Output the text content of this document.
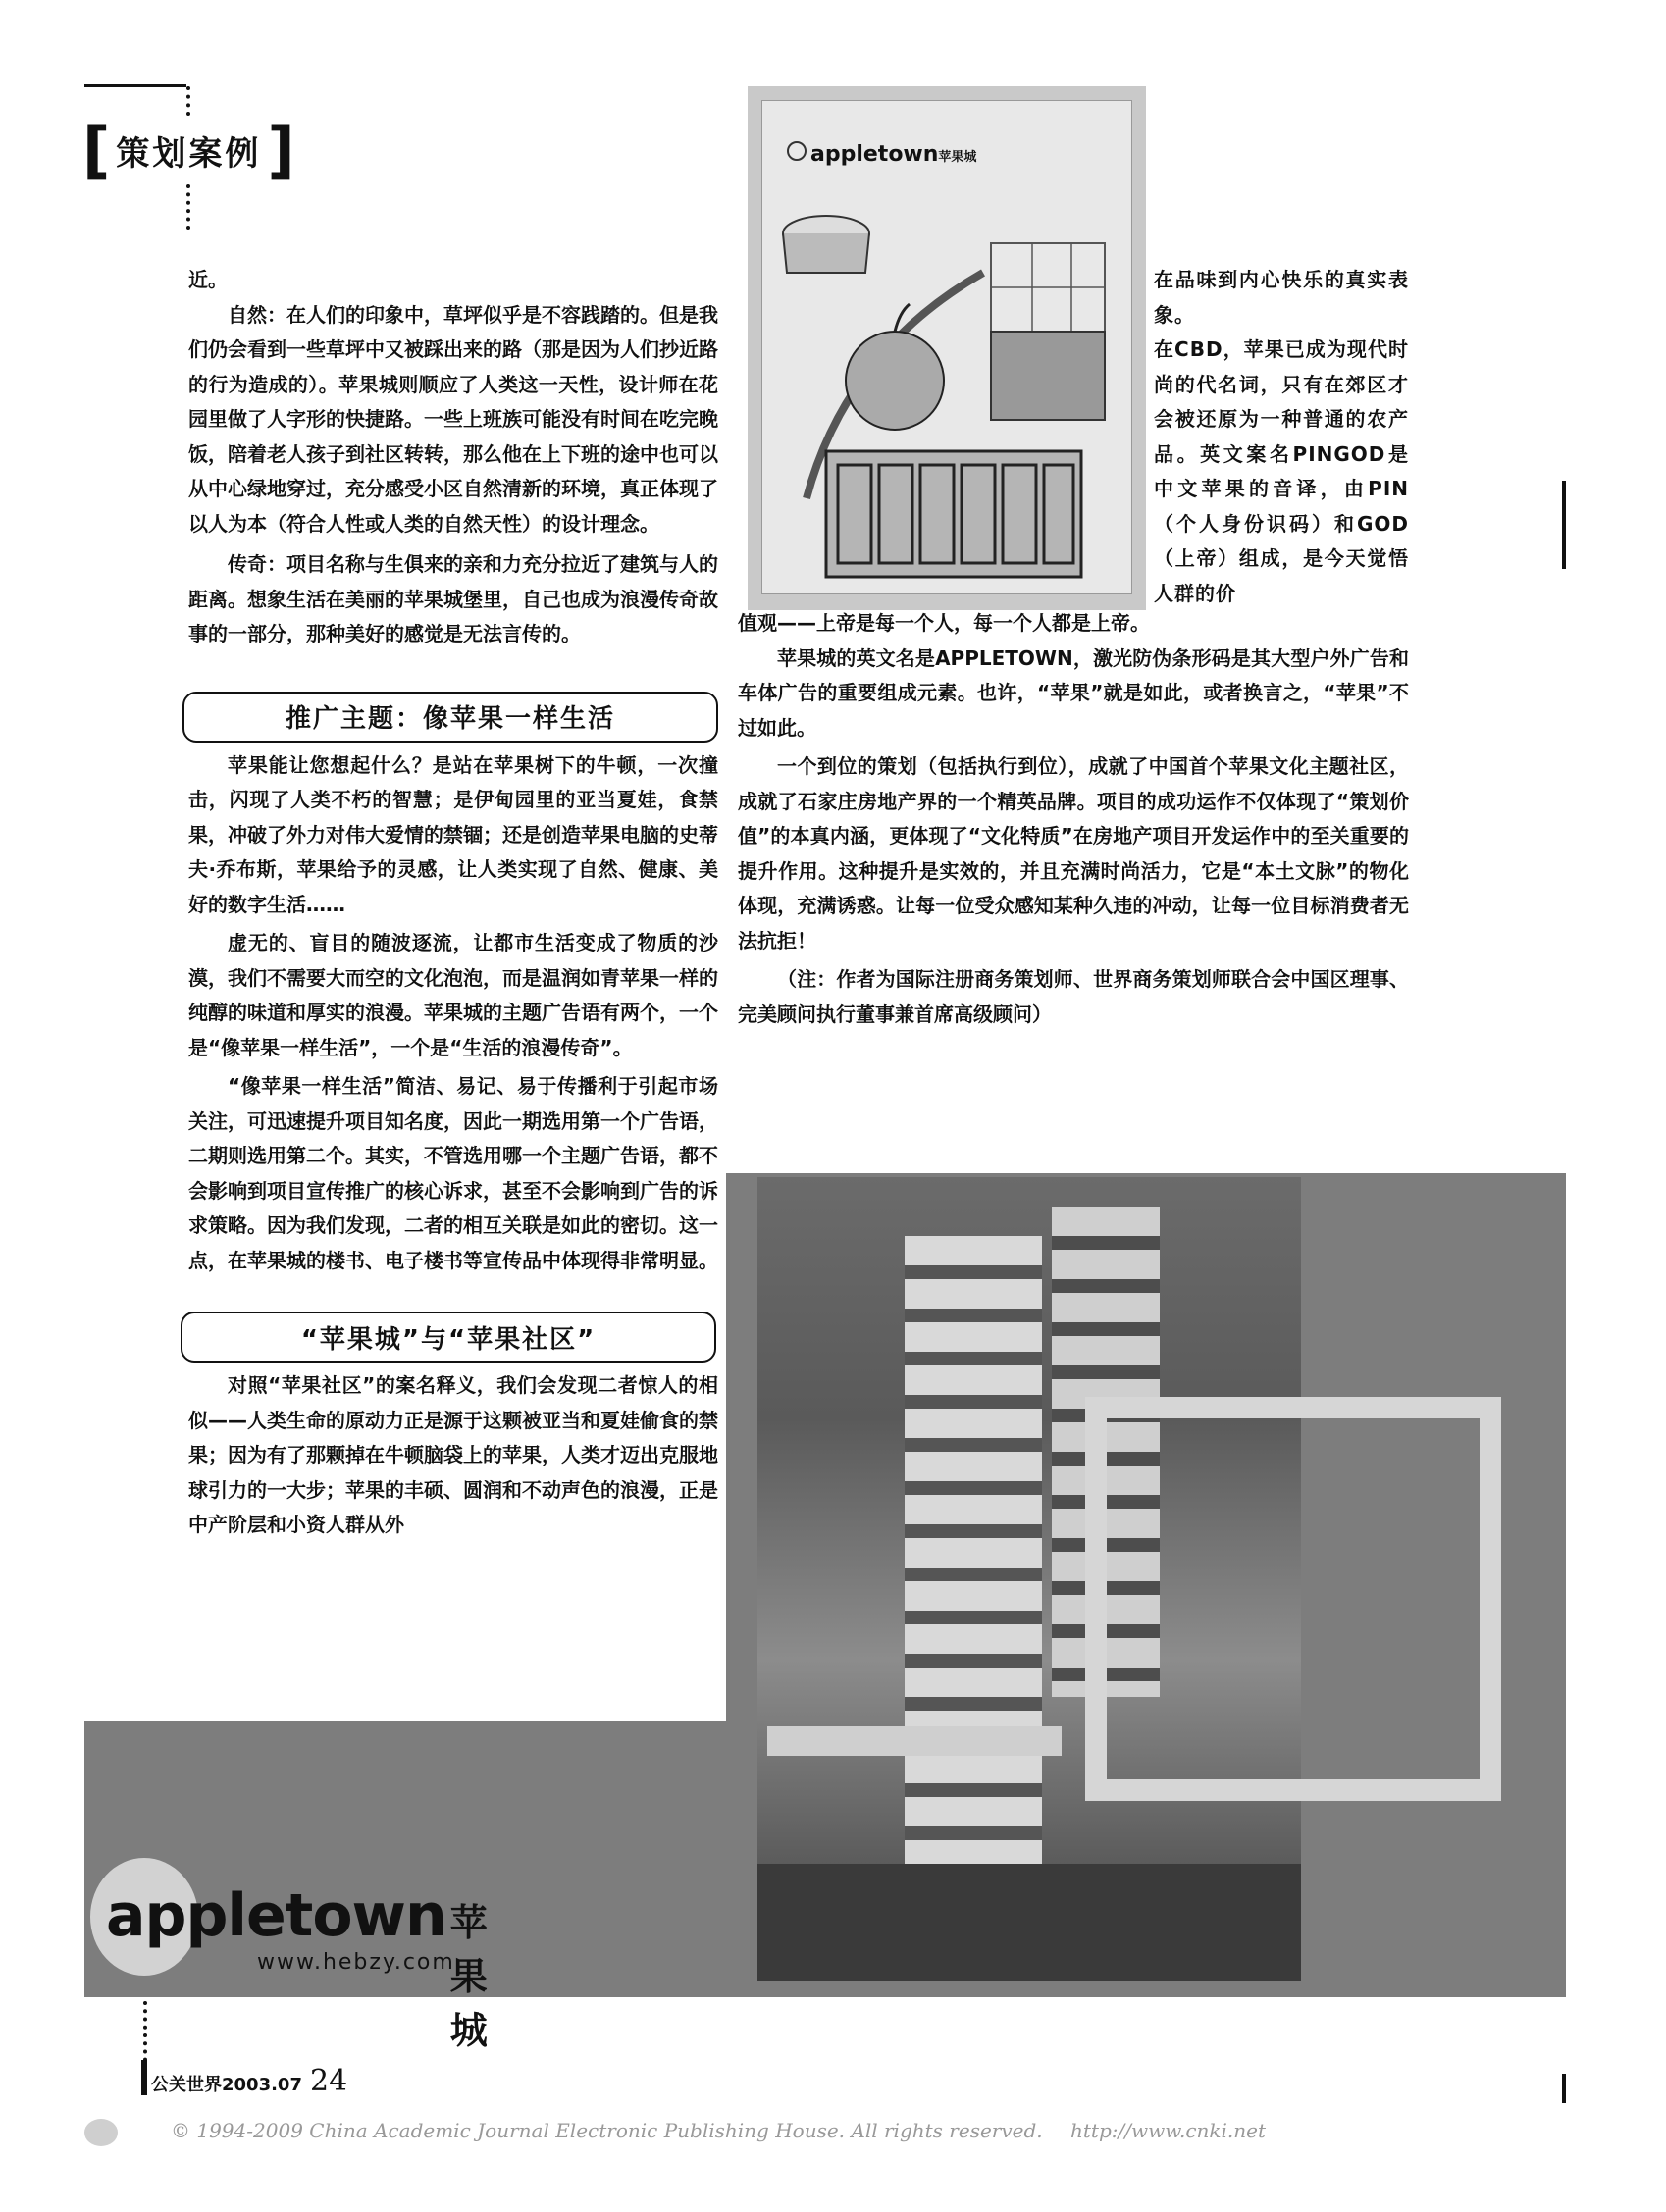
[ 策划案例 ]

近。

自然：在人们的印象中，草坪似乎是不容践踏的。但是我们仍会看到一些草坪中又被踩出来的路（那是因为人们抄近路的行为造成的）。苹果城则顺应了人类这一天性，设计师在花园里做了人字形的快捷路。一些上班族可能没有时间在吃完晚饭，陪着老人孩子到社区转转，那么他在上下班的途中也可以从中心绿地穿过，充分感受小区自然清新的环境，真正体现了以人为本（符合人性或人类的自然天性）的设计理念。

传奇：项目名称与生俱来的亲和力充分拉近了建筑与人的距离。想象生活在美丽的苹果城堡里，自己也成为浪漫传奇故事的一部分，那种美好的感觉是无法言传的。

推广主题：像苹果一样生活

苹果能让您想起什么？是站在苹果树下的牛顿，一次撞击，闪现了人类不朽的智慧；是伊甸园里的亚当夏娃，食禁果，冲破了外力对伟大爱情的禁锢；还是创造苹果电脑的史蒂夫·乔布斯，苹果给予的灵感，让人类实现了自然、健康、美好的数字生活……

虚无的、盲目的随波逐流，让都市生活变成了物质的沙漠，我们不需要大而空的文化泡泡，而是温润如青苹果一样的纯醇的味道和厚实的浪漫。苹果城的主题广告语有两个，一个是“像苹果一样生活”，一个是“生活的浪漫传奇”。

“像苹果一样生活”简洁、易记、易于传播利于引起市场关注，可迅速提升项目知名度，因此一期选用第一个广告语，二期则选用第二个。其实，不管选用哪一个主题广告语，都不会影响到项目宣传推广的核心诉求，甚至不会影响到广告的诉求策略。因为我们发现，二者的相互关联是如此的密切。这一点，在苹果城的楼书、电子楼书等宣传品中体现得非常明显。

“苹果城”与“苹果社区”

对照“苹果社区”的案名释义，我们会发现二者惊人的相似——人类生命的原动力正是源于这颗被亚当和夏娃偷食的禁果；因为有了那颗掉在牛顿脑袋上的苹果，人类才迈出克服地球引力的一大步；苹果的丰硕、圆润和不动声色的浪漫，正是中产阶层和小资人群从外

appletown 苹果城

在品味到内心快乐的真实表象。
在CBD，苹果已成为现代时尚的代名词，只有在郊区才会被还原为一种普通的农产品。英文案名PINGOD是中文苹果的音译，由PIN（个人身份识码）和GOD（上帝）组成，是今天觉悟人群的价

值观——上帝是每一个人，每一个人都是上帝。

苹果城的英文名是APPLETOWN，激光防伪条形码是其大型户外广告和车体广告的重要组成元素。也许，“苹果”就是如此，或者换言之，“苹果”不过如此。

一个到位的策划（包括执行到位），成就了中国首个苹果文化主题社区，成就了石家庄房地产界的一个精英品牌。项目的成功运作不仅体现了“策划价值”的本真内涵，更体现了“文化特质”在房地产项目开发运作中的至关重要的提升作用。这种提升是实效的，并且充满时尚活力，它是“本土文脉”的物化体现，充满诱惑。让每一位受众感知某种久违的冲动，让每一位目标消费者无法抗拒！

（注：作者为国际注册商务策划师、世界商务策划师联合会中国区理事、完美顾问执行董事兼首席高级顾问）

appletown 苹果城
www.hebzy.com
公关世界2003.07 24
© 1994-2009 China Academic Journal Electronic Publishing House. All rights reserved. http://www.cnki.net
